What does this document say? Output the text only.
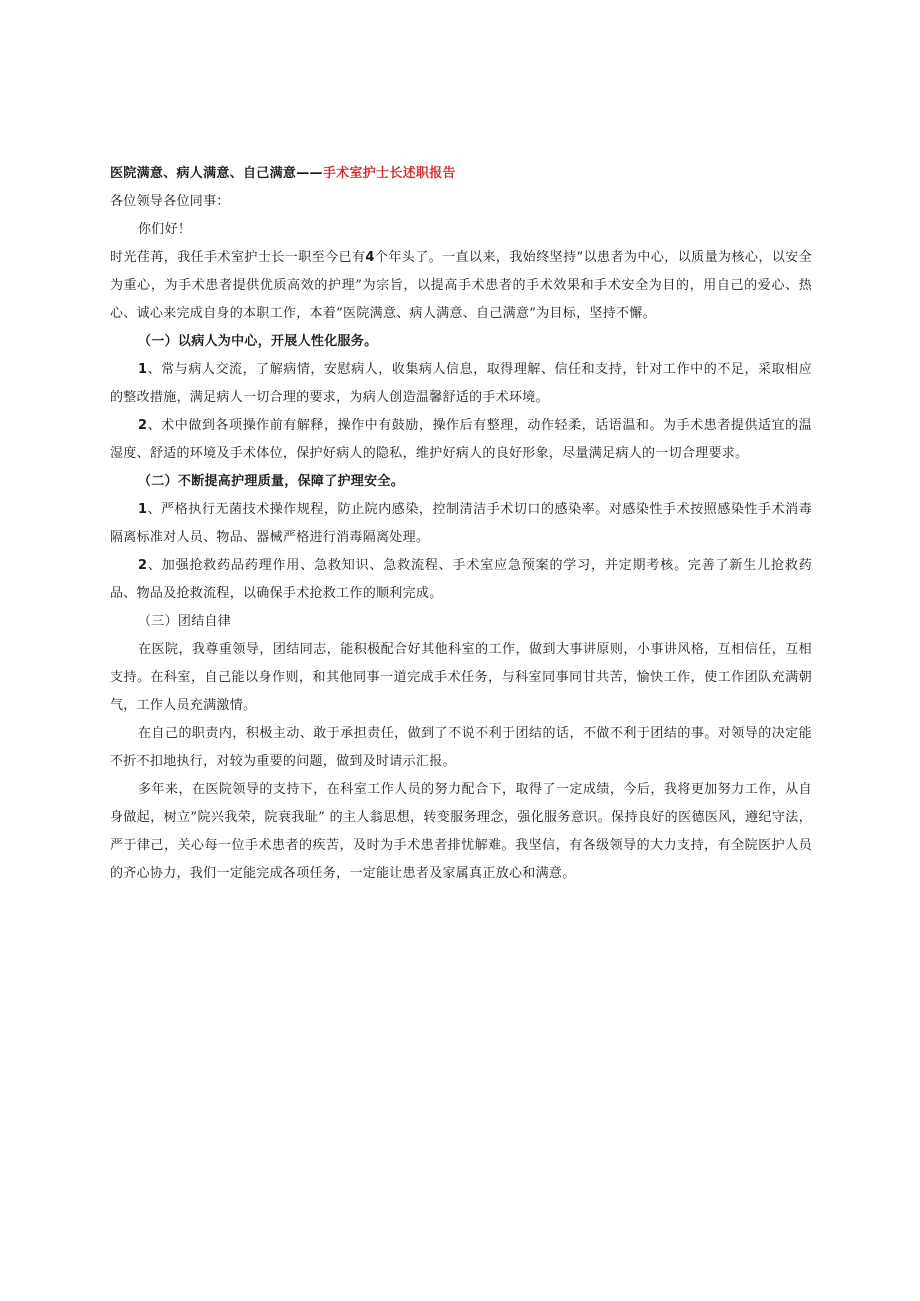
医院满意、病人满意、自己满意——手术室护士长述职报告

各位领导各位同事：

你们好！

时光荏苒，我任手术室护士长一职至今已有4个年头了。一直以来，我始终坚持”以患者为中心，以质量为核心，以安全为重心，为手术患者提供优质高效的护理”为宗旨，以提高手术患者的手术效果和手术安全为目的，用自己的爱心、热心、诚心来完成自身的本职工作，本着”医院满意、病人满意、自己满意”为目标，坚持不懈。

（一）以病人为中心，开展人性化服务。

1、常与病人交流，了解病情，安慰病人，收集病人信息，取得理解、信任和支持，针对工作中的不足，采取相应的整改措施，满足病人一切合理的要求，为病人创造温馨舒适的手术环境。

2、术中做到各项操作前有解释，操作中有鼓励，操作后有整理，动作轻柔，话语温和。为手术患者提供适宜的温湿度、舒适的环境及手术体位，保护好病人的隐私，维护好病人的良好形象，尽量满足病人的一切合理要求。

（二）不断提高护理质量，保障了护理安全。

1、严格执行无菌技术操作规程，防止院内感染，控制清洁手术切口的感染率。对感染性手术按照感染性手术消毒隔离标准对人员、物品、器械严格进行消毒隔离处理。

2、加强抢救药品药理作用、急救知识、急救流程、手术室应急预案的学习，并定期考核。完善了新生儿抢救药品、物品及抢救流程，以确保手术抢救工作的顺利完成。

（三）团结自律

在医院，我尊重领导，团结同志，能积极配合好其他科室的工作，做到大事讲原则，小事讲风格，互相信任，互相支持。在科室，自己能以身作则，和其他同事一道完成手术任务，与科室同事同甘共苦，愉快工作，使工作团队充满朝气，工作人员充满激情。

在自己的职责内，积极主动、敢于承担责任，做到了不说不利于团结的话，不做不利于团结的事。对领导的决定能不折不扣地执行，对较为重要的问题，做到及时请示汇报。

多年来，在医院领导的支持下，在科室工作人员的努力配合下，取得了一定成绩，今后，我将更加努力工作，从自身做起，树立”院兴我荣，院衰我耻” 的主人翁思想，转变服务理念，强化服务意识。保持良好的医德医风，遵纪守法，严于律己，关心每一位手术患者的疾苦，及时为手术患者排忧解难。我坚信，有各级领导的大力支持，有全院医护人员的齐心协力，我们一定能完成各项任务，一定能让患者及家属真正放心和满意。
